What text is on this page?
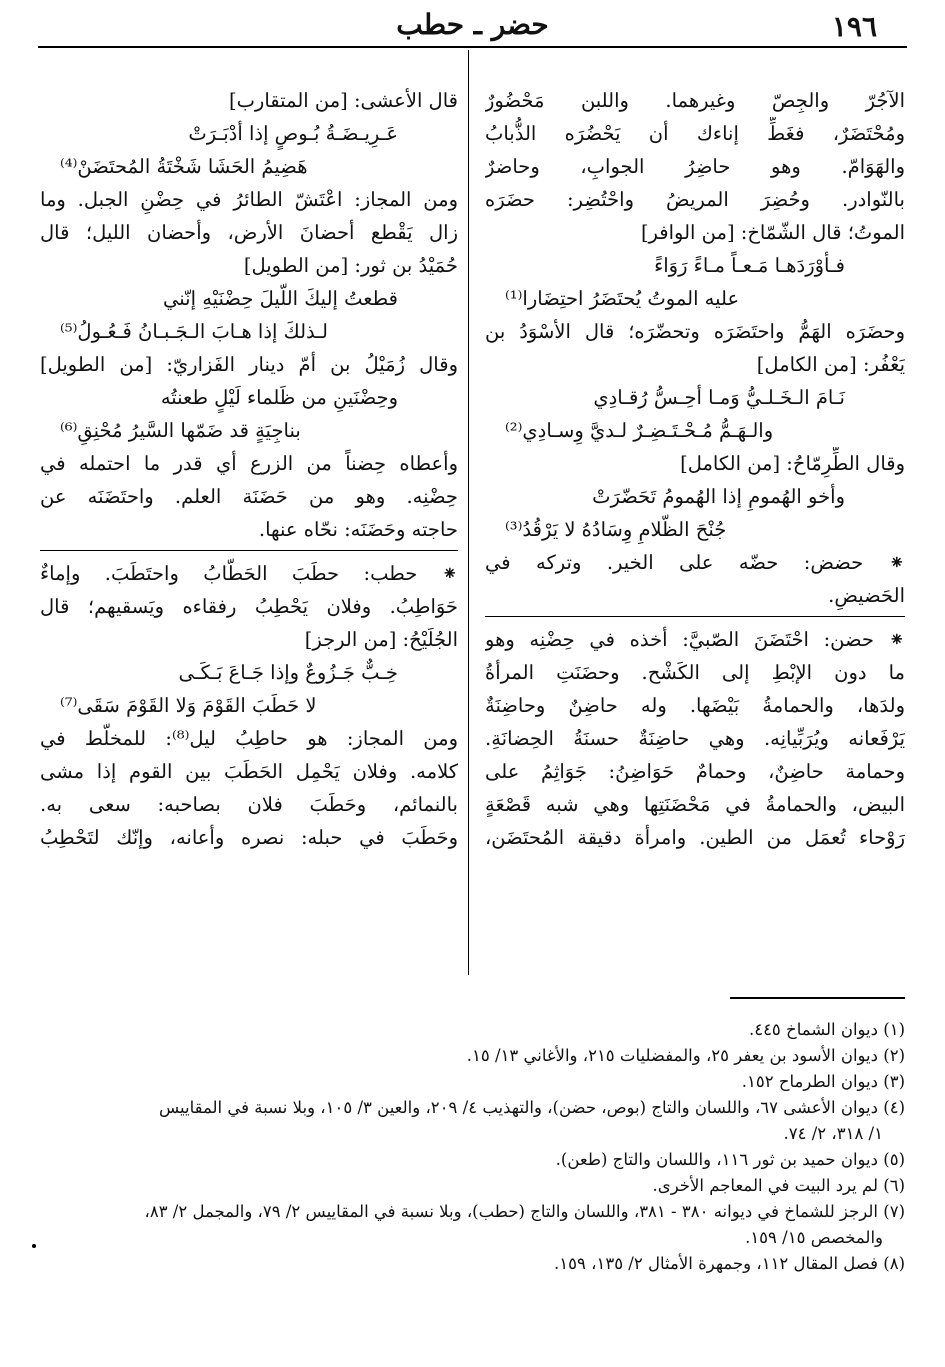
١٩٦
حضر ـ حطب
الآجُرّ والجِصّ وغيرهما. واللبن مَحْضُورٌ
ومُحْتَضَرٌ، فغَطِّ إناءك أن يَحْضُرَه الذُّبابُ
والهَوَامّ. وهو حاضِرُ الجوابِ، وحاضرٌ
بالنّوادر. وحُضِرَ المريضُ واحْتُضِر: حضَرَه
الموتُ؛ قال الشّمّاخ: [من الوافر]
فـأوْرَدَهـا مَـعـاً مـاءً رَوَاءً
عليه الموتُ يُحتَضَرُ احتِضَارا⁽¹⁾
وحضَرَه الهَمُّ واحتَضَرَه وتحضّرَه؛ قال الأسْوَدُ بن
يَعْفُر: [من الكامل]
نَـامَ الـخَـلـيُّ وَمـا أحِـسُّ رُقـادِي
والـهَـمُّ مُـحْـتَـضِـرٌ لـديَّ وِسـادِي⁽²⁾
وقال الطِّرِمّاحُ: [من الكامل]
وأخو الهُمومِ إذا الهُمومُ تَحَضّرَتْ
جُنْحَ الظّلامِ وِسَادُهُ لا يَرْقُدُ⁽³⁾
⁕ حضض: حضّه على الخير. وتركه في
الحَضيضِ.
⁕ حضن: احْتَضَنَ الصّبيَّ: أخذه في حِضْنِه وهو
ما دون الإبْطِ إلى الكَشْح. وحضَنَتِ المرأةُ
ولدَها، والحمامةُ بَيْضَها. وله حاضِنٌ وحاضِنَةٌ
يَرْفَعانه ويُرَبِّيانِه. وهي حاضِنَةٌ حسنَةُ الحِضانَةِ.
وحمامة حاضِنٌ، وحمامٌ حَوَاضِنُ: جَوَاثِمُ على
البيض، والحمامةُ في مَحْضَنَتِها وهي شبه قَصْعَةٍ
رَوْحاء تُعمَل من الطين. وامرأة دقيقة المُحتَضَن،
قال الأعشى: [من المتقارب]
عَـرِيـضَـةُ بُـوصٍ إذا أدْبَـرَتْ
هَضِيمُ الحَشَا شَخْتَةُ المُحتَضَنْ⁽⁴⁾
ومن المجاز: اعْتَشّ الطائرُ في حِضْنِ الجبل. وما
زال يَقْطع أحضانَ الأرض، وأحضان الليل؛ قال
حُمَيْدُ بن ثور: [من الطويل]
قطعتُ إليكَ اللّيلَ حِضْنَيْهِ إنّني
لـذلكَ إذا هـابَ الـجَـبـانُ فَـعُـولُ⁽⁵⁾
وقال زُمَيْلُ بن أمّ دينار الفَزاريّ: [من الطويل]
وحِضْنَينِ من ظَلماء لَيْلٍ طعنتُه
بناجِيَةٍ قد ضَمّها السَّيرُ مُحْنِقِ⁽⁶⁾
وأعطاه حِضناً من الزرع أي قدر ما احتمله في
حِضْنِه. وهو من حَضَنَة العلم. واحتَضَنَه عن
حاجته وحَضَنَه: نحّاه عنها.
⁕ حطب: حطَبَ الحَطّابُ واحتَطَبَ. وإماءٌ
حَوَاطِبُ. وفلان يَحْطِبُ رفقاءه ويَسقيهم؛ قال
الجُلَيْحُ: [من الرجز]
خِـبٌّ جَـزُوعٌ وإذا جَـاعَ بَـكَـى
لا حَطَبَ القَوْمَ وَلا القَوْمَ سَقَى⁽⁷⁾
ومن المجاز: هو حاطِبُ ليل⁽⁸⁾: للمخلّط في
كلامه. وفلان يَحْمِل الحَطَبَ بين القوم إذا مشى
بالنمائم، وحَطَبَ فلان بصاحبه: سعى به.
وحَطَبَ في حبله: نصره وأعانه، وإنّك لتَحْطِبُ
(١) ديوان الشماخ ٤٤٥.
(٢) ديوان الأسود بن يعفر ٢٥، والمفضليات ٢١٥، والأغاني ١٣/ ١٥.
(٣) ديوان الطرماح ١٥٢.
(٤) ديوان الأعشى ٦٧، واللسان والتاج (بوص، حضن)، والتهذيب ٤/ ٢٠٩، والعين ٣/ ١٠٥، وبلا نسبة في المقاييس
١/ ٣١٨، ٢/ ٧٤.
(٥) ديوان حميد بن ثور ١١٦، واللسان والتاج (طعن).
(٦) لم يرد البيت في المعاجم الأخرى.
(٧) الرجز للشماخ في ديوانه ٣٨٠ - ٣٨١، واللسان والتاج (حطب)، وبلا نسبة في المقاييس ٢/ ٧٩، والمجمل ٢/ ٨٣،
والمخصص ١٥/ ١٥٩.
(٨) فصل المقال ١١٢، وجمهرة الأمثال ٢/ ١٣٥، ١٥٩.
